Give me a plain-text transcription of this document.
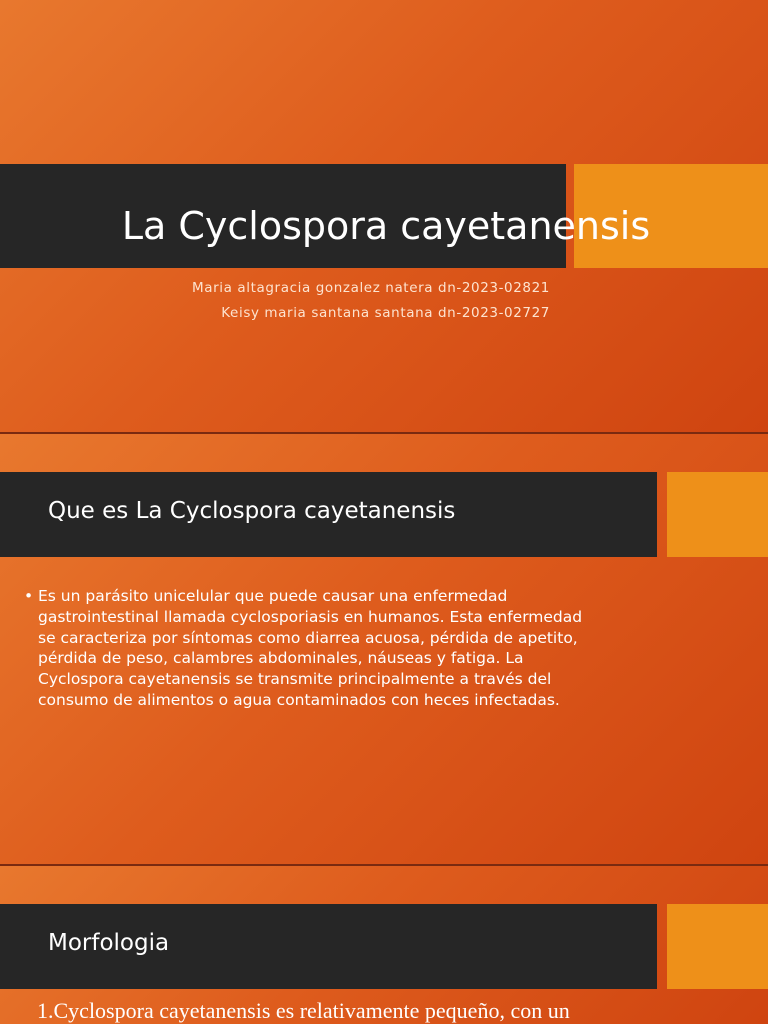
La Cyclospora cayetanensis
Maria altagracia gonzalez natera dn-2023-02821
Keisy maria santana santana dn-2023-02727
Que es La Cyclospora cayetanensis
• Es un parásito unicelular que puede causar una enfermedad gastrointestinal llamada cyclosporiasis en humanos. Esta enfermedad se caracteriza por síntomas como diarrea acuosa, pérdida de apetito, pérdida de peso, calambres abdominales, náuseas y fatiga. La Cyclospora cayetanensis se transmite principalmente a través del consumo de alimentos o agua contaminados con heces infectadas.
Morfologia
1.Cyclospora cayetanensis es relativamente pequeño, con un
